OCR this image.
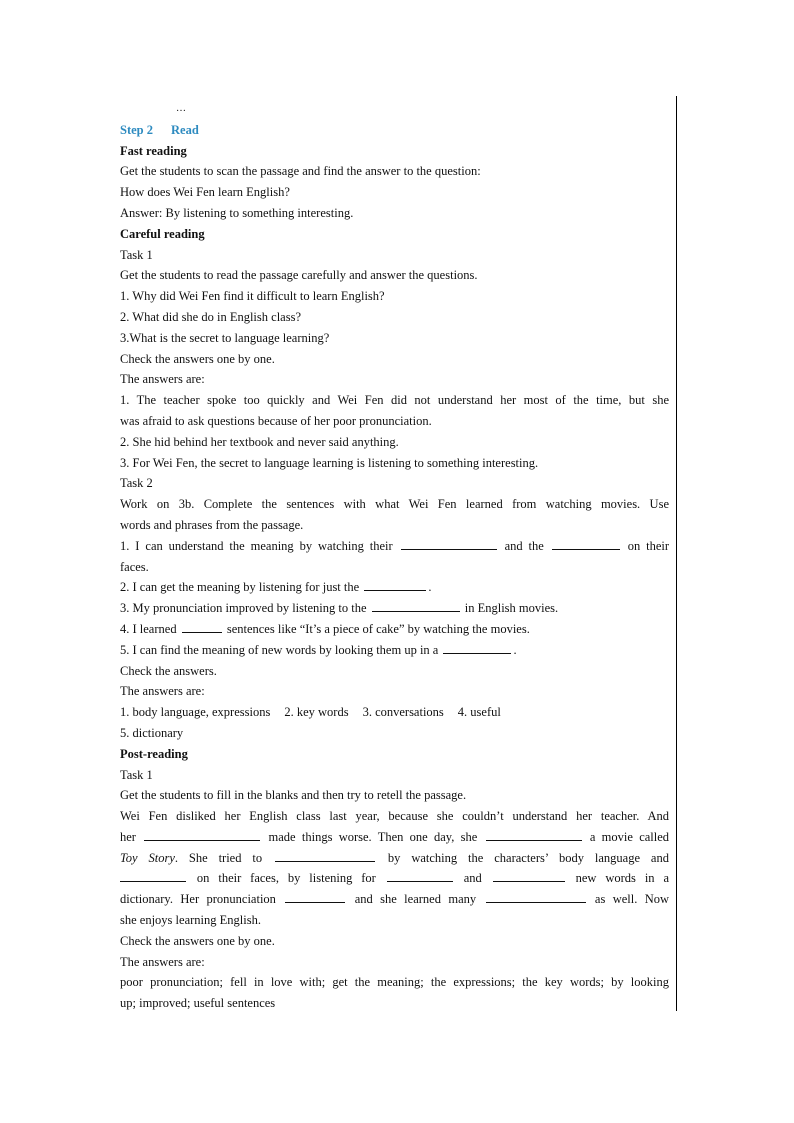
…
Step 2 Read
Fast reading
Get the students to scan the passage and find the answer to the question:
How does Wei Fen learn English?
Answer: By listening to something interesting.
Careful reading
Task 1
Get the students to read the passage carefully and answer the questions.
1. Why did Wei Fen find it difficult to learn English?
2. What did she do in English class?
3.What is the secret to language learning?
Check the answers one by one.
The answers are:
1. The teacher spoke too quickly and Wei Fen did not understand her most of the time, but she
was afraid to ask questions because of her poor pronunciation.
2. She hid behind her textbook and never said anything.
3. For Wei Fen, the secret to language learning is listening to something interesting.
Task 2
Work on 3b. Complete the sentences with what Wei Fen learned from watching movies. Use
words and phrases from the passage.
1. I can understand the meaning by watching their	and the	on their
faces.
2. I can get the meaning by listening for just the	.
3. My pronunciation improved by listening to the	in English movies.
4. I learned	sentences like “It’s a piece of cake” by watching the movies.
5. I can find the meaning of new words by looking them up in a	.
Check the answers.
The answers are:
1. body language, expressions 2. key words 3. conversations 4. useful
5. dictionary
Post-reading
Task 1
Get the students to fill in the blanks and then try to retell the passage.
Wei Fen disliked her English class last year, because she couldn’t understand her teacher. And
her	made things worse. Then one day, she	a movie called
Toy Story. She tried to	by watching the characters’ body language and
on their faces, by listening for	and	new words in a
dictionary. Her pronunciation	and she learned many	as well. Now
she enjoys learning English.
Check the answers one by one.
The answers are:
poor pronunciation; fell in love with; get the meaning; the expressions; the key words; by looking
up; improved; useful sentences
